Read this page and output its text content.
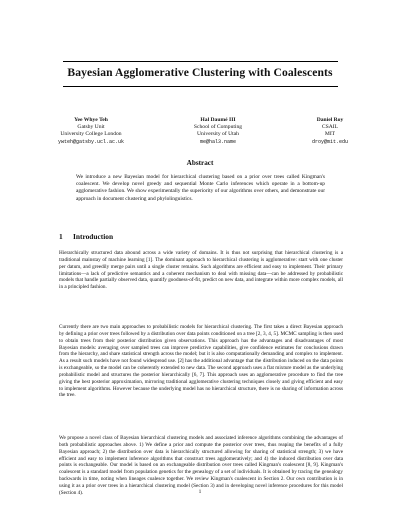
Bayesian Agglomerative Clustering with Coalescents
Yee Whye Teh
Gatsby Unit
University College London
ywteh@gatsby.ucl.ac.uk
Hal Daumé III
School of Computing
University of Utah
me@hal3.name
Daniel Roy
CSAIL
MIT
droy@mit.edu
Abstract
We introduce a new Bayesian model for hierarchical clustering based on a prior over trees called Kingman's coalescent. We develop novel greedy and sequential Monte Carlo inferences which operate in a bottom-up agglomerative fashion. We show experimentally the superiority of our algorithms over others, and demonstrate our approach in document clustering and phylolinguistics.
1 Introduction
Hierarchically structured data abound across a wide variety of domains. It is thus not surprising that hierarchical clustering is a traditional mainstay of machine learning [1]. The dominant approach to hierarchical clustering is agglomerative: start with one cluster per datum, and greedily merge pairs until a single cluster remains. Such algorithms are efficient and easy to implement. Their primary limitations—a lack of predictive semantics and a coherent mechanism to deal with missing data—can be addressed by probabilistic models that handle partially observed data, quantify goodness-of-fit, predict on new data, and integrate within more complex models, all in a principled fashion.
Currently there are two main approaches to probabilistic models for hierarchical clustering. The first takes a direct Bayesian approach by defining a prior over trees followed by a distribution over data points conditioned on a tree [2, 3, 4, 5]. MCMC sampling is then used to obtain trees from their posterior distribution given observations. This approach has the advantages and disadvantages of most Bayesian models: averaging over sampled trees can improve predictive capabilities, give confidence estimates for conclusions drawn from the hierarchy, and share statistical strength across the model; but it is also computationally demanding and complex to implement. As a result such models have not found widespread use. [2] has the additional advantage that the distribution induced on the data points is exchangeable, so the model can be coherently extended to new data. The second approach uses a flat mixture model as the underlying probabilistic model and structures the posterior hierarchically [6, 7]. This approach uses an agglomerative procedure to find the tree giving the best posterior approximation, mirroring traditional agglomerative clustering techniques closely and giving efficient and easy to implement algorithms. However because the underlying model has no hierarchical structure, there is no sharing of information across the tree.
We propose a novel class of Bayesian hierarchical clustering models and associated inference algorithms combining the advantages of both probabilistic approaches above. 1) We define a prior and compute the posterior over trees, thus reaping the benefits of a fully Bayesian approach; 2) the distribution over data is hierarchically structured allowing for sharing of statistical strength; 3) we have efficient and easy to implement inference algorithms that construct trees agglomeratively; and 4) the induced distribution over data points is exchangeable. Our model is based on an exchangeable distribution over trees called Kingman's coalescent [8, 9]. Kingman's coalescent is a standard model from population genetics for the genealogy of a set of individuals. It is obtained by tracing the genealogy backwards in time, noting when lineages coalesce together. We review Kingman's coalescent in Section 2. Our own contribution is in using it as a prior over trees in a hierarchical clustering model (Section 3) and in developing novel inference procedures for this model (Section 4).	1
